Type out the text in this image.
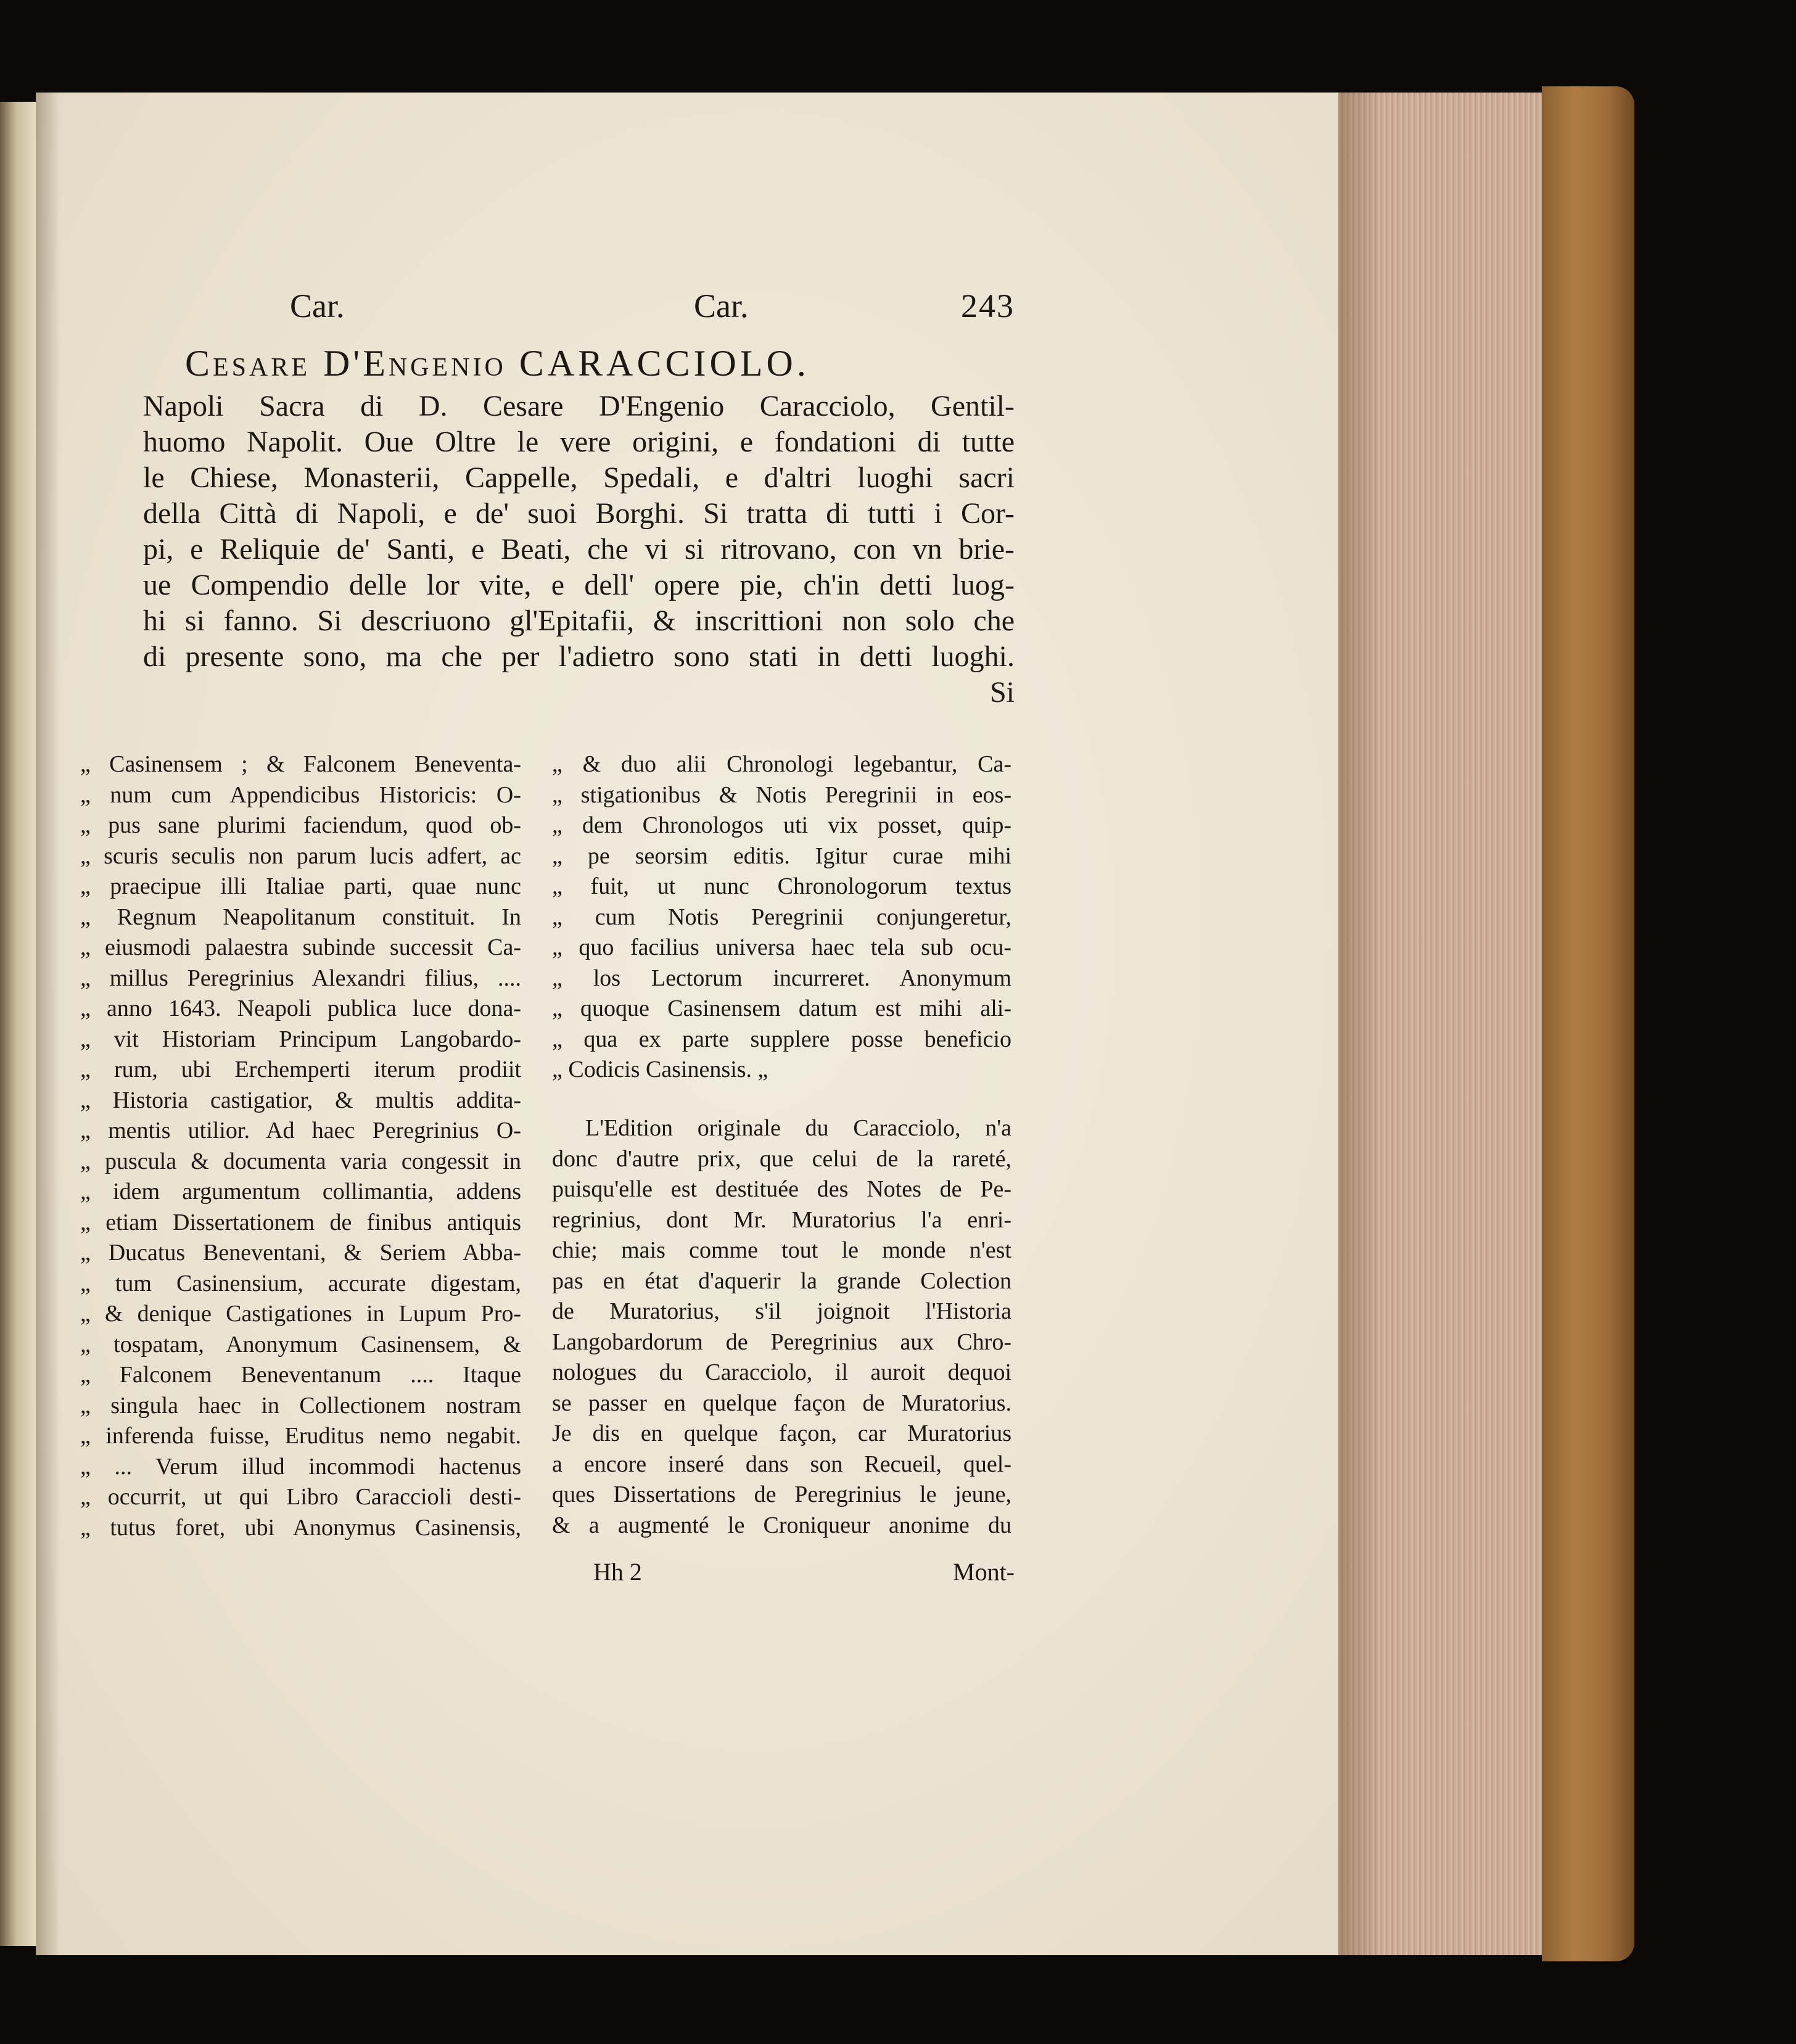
Car.	Car.	243
Cesare D'Engenio CARACCIOLO.
Napoli Sacra di D. Cesare D'Engenio Caracciolo, Gentil-
huomo Napolit. Oue Oltre le vere origini, e fondationi di tutte
le Chiese, Monasterii, Cappelle, Spedali, e d'altri luoghi sacri
della Città di Napoli, e de' suoi Borghi. Si tratta di tutti i Cor-
pi, e Reliquie de' Santi, e Beati, che vi si ritrovano, con vn brie-
ue Compendio delle lor vite, e dell' opere pie, ch'in detti luog-
hi si fanno. Si descriuono gl'Epitafii, & inscrittioni non solo che
di presente sono, ma che per l'adietro sono stati in detti luoghi.
Si
„ Casinensem ; & Falconem Beneventa-
„ num cum Appendicibus Historicis: O-
„ pus sane plurimi faciendum, quod ob-
„ scuris seculis non parum lucis adfert, ac
„ praecipue illi Italiae parti, quae nunc
„ Regnum Neapolitanum constituit. In
„ eiusmodi palaestra subinde successit Ca-
„ millus Peregrinius Alexandri filius, ....
„ anno 1643. Neapoli publica luce dona-
„ vit Historiam Principum Langobardo-
„ rum, ubi Erchemperti iterum prodiit
„ Historia castigatior, & multis addita-
„ mentis utilior. Ad haec Peregrinius O-
„ puscula & documenta varia congessit in
„ idem argumentum collimantia, addens
„ etiam Dissertationem de finibus antiquis
„ Ducatus Beneventani, & Seriem Abba-
„ tum Casinensium, accurate digestam,
„ & denique Castigationes in Lupum Pro-
„ tospatam, Anonymum Casinensem, &
„ Falconem Beneventanum .... Itaque
„ singula haec in Collectionem nostram
„ inferenda fuisse, Eruditus nemo negabit.
„ ... Verum illud incommodi hactenus
„ occurrit, ut qui Libro Caraccioli desti-
„ tutus foret, ubi Anonymus Casinensis,
„ & duo alii Chronologi legebantur, Ca-
„ stigationibus & Notis Peregrinii in eos-
„ dem Chronologos uti vix posset, quip-
„ pe seorsim editis. Igitur curae mihi
„ fuit, ut nunc Chronologorum textus
„ cum Notis Peregrinii conjungeretur,
„ quo facilius universa haec tela sub ocu-
„ los Lectorum incurreret. Anonymum
„ quoque Casinensem datum est mihi ali-
„ qua ex parte supplere posse beneficio
„ Codicis Casinensis. „
L'Edition originale du Caracciolo, n'a
donc d'autre prix, que celui de la rareté,
puisqu'elle est destituée des Notes de Pe-
regrinius, dont Mr. Muratorius l'a enri-
chie; mais comme tout le monde n'est
pas en état d'aquerir la grande Colection
de Muratorius, s'il joignoit l'Historia
Langobardorum de Peregrinius aux Chro-
nologues du Caracciolo, il auroit dequoi
se passer en quelque façon de Muratorius.
Je dis en quelque façon, car Muratorius
a encore inseré dans son Recueil, quel-
ques Dissertations de Peregrinius le jeune,
& a augmenté le Croniqueur anonime du
Hh 2	Mont-
